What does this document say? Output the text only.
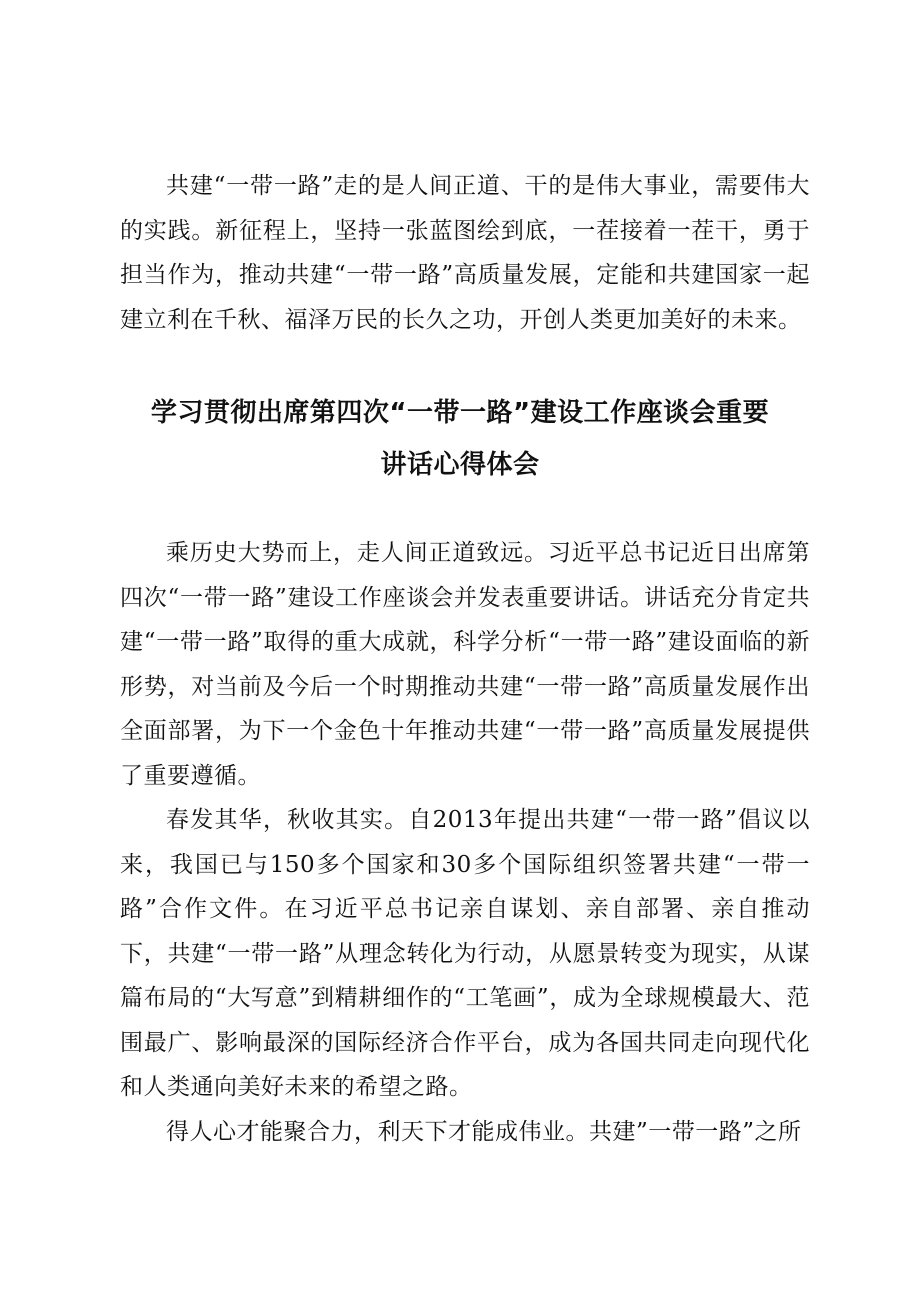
共建“一带一路”走的是人间正道、干的是伟大事业，需要伟大的实践。新征程上，坚持一张蓝图绘到底，一茬接着一茬干，勇于担当作为，推动共建“一带一路”高质量发展，定能和共建国家一起建立利在千秋、福泽万民的长久之功，开创人类更加美好的未来。

学习贯彻出席第四次“一带一路”建设工作座谈会重要
讲话心得体会

乘历史大势而上，走人间正道致远。习近平总书记近日出席第四次“一带一路”建设工作座谈会并发表重要讲话。讲话充分肯定共建“一带一路”取得的重大成就，科学分析“一带一路”建设面临的新形势，对当前及今后一个时期推动共建“一带一路”高质量发展作出全面部署，为下一个金色十年推动共建“一带一路”高质量发展提供了重要遵循。

春发其华，秋收其实。自2013年提出共建“一带一路”倡议以来，我国已与150多个国家和30多个国际组织签署共建“一带一路”合作文件。在习近平总书记亲自谋划、亲自部署、亲自推动下，共建“一带一路”从理念转化为行动，从愿景转变为现实，从谋篇布局的“大写意”到精耕细作的“工笔画”，成为全球规模最大、范围最广、影响最深的国际经济合作平台，成为各国共同走向现代化和人类通向美好未来的希望之路。

得人心才能聚合力，利天下才能成伟业。共建”一带一路”之所
